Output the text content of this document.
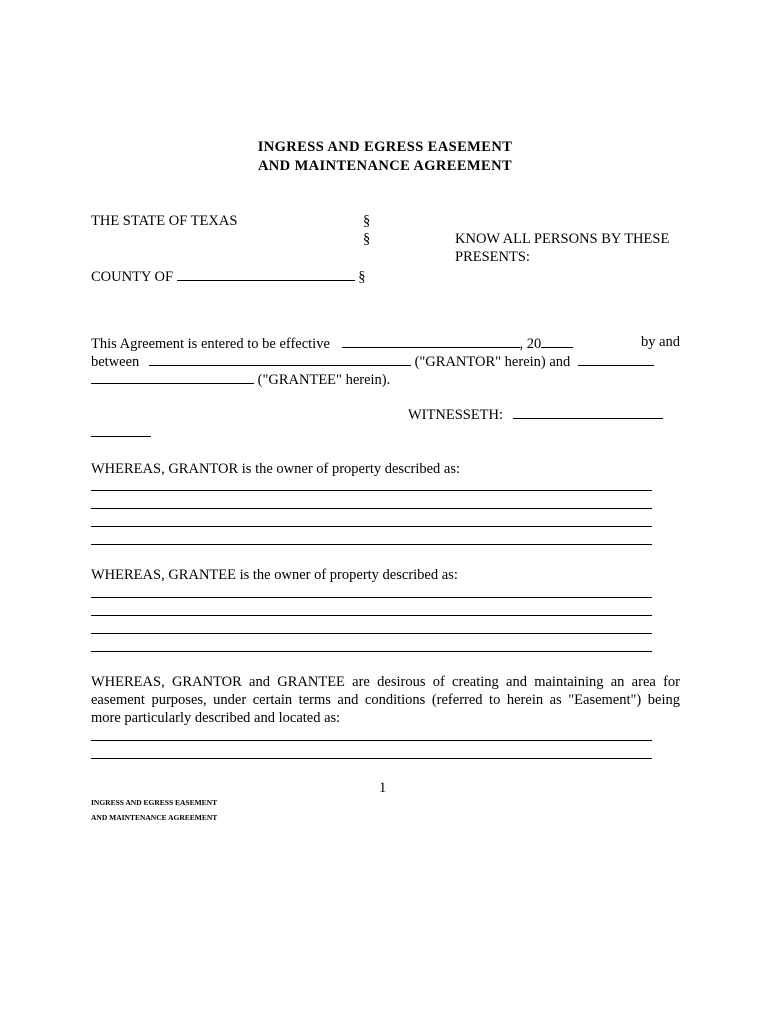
INGRESS AND EGRESS EASEMENT
AND MAINTENANCE AGREEMENT
THE STATE OF TEXAS	§
§	KNOW ALL PERSONS BY THESE
PRESENTS:
COUNTY OF	§
This Agreement is entered to be effective	, 20	by and
between	("GRANTOR" herein) and
("GRANTEE" herein).
WITNESSETH:
WHEREAS, GRANTOR is the owner of property described as:
WHEREAS, GRANTEE is the owner of property described as:
WHEREAS, GRANTOR and GRANTEE are desirous of creating and maintaining an area for
easement purposes, under certain terms and conditions (referred to herein as "Easement") being
more particularly described and located as:
1
INGRESS AND EGRESS EASEMENT
AND MAINTENANCE AGREEMENT
